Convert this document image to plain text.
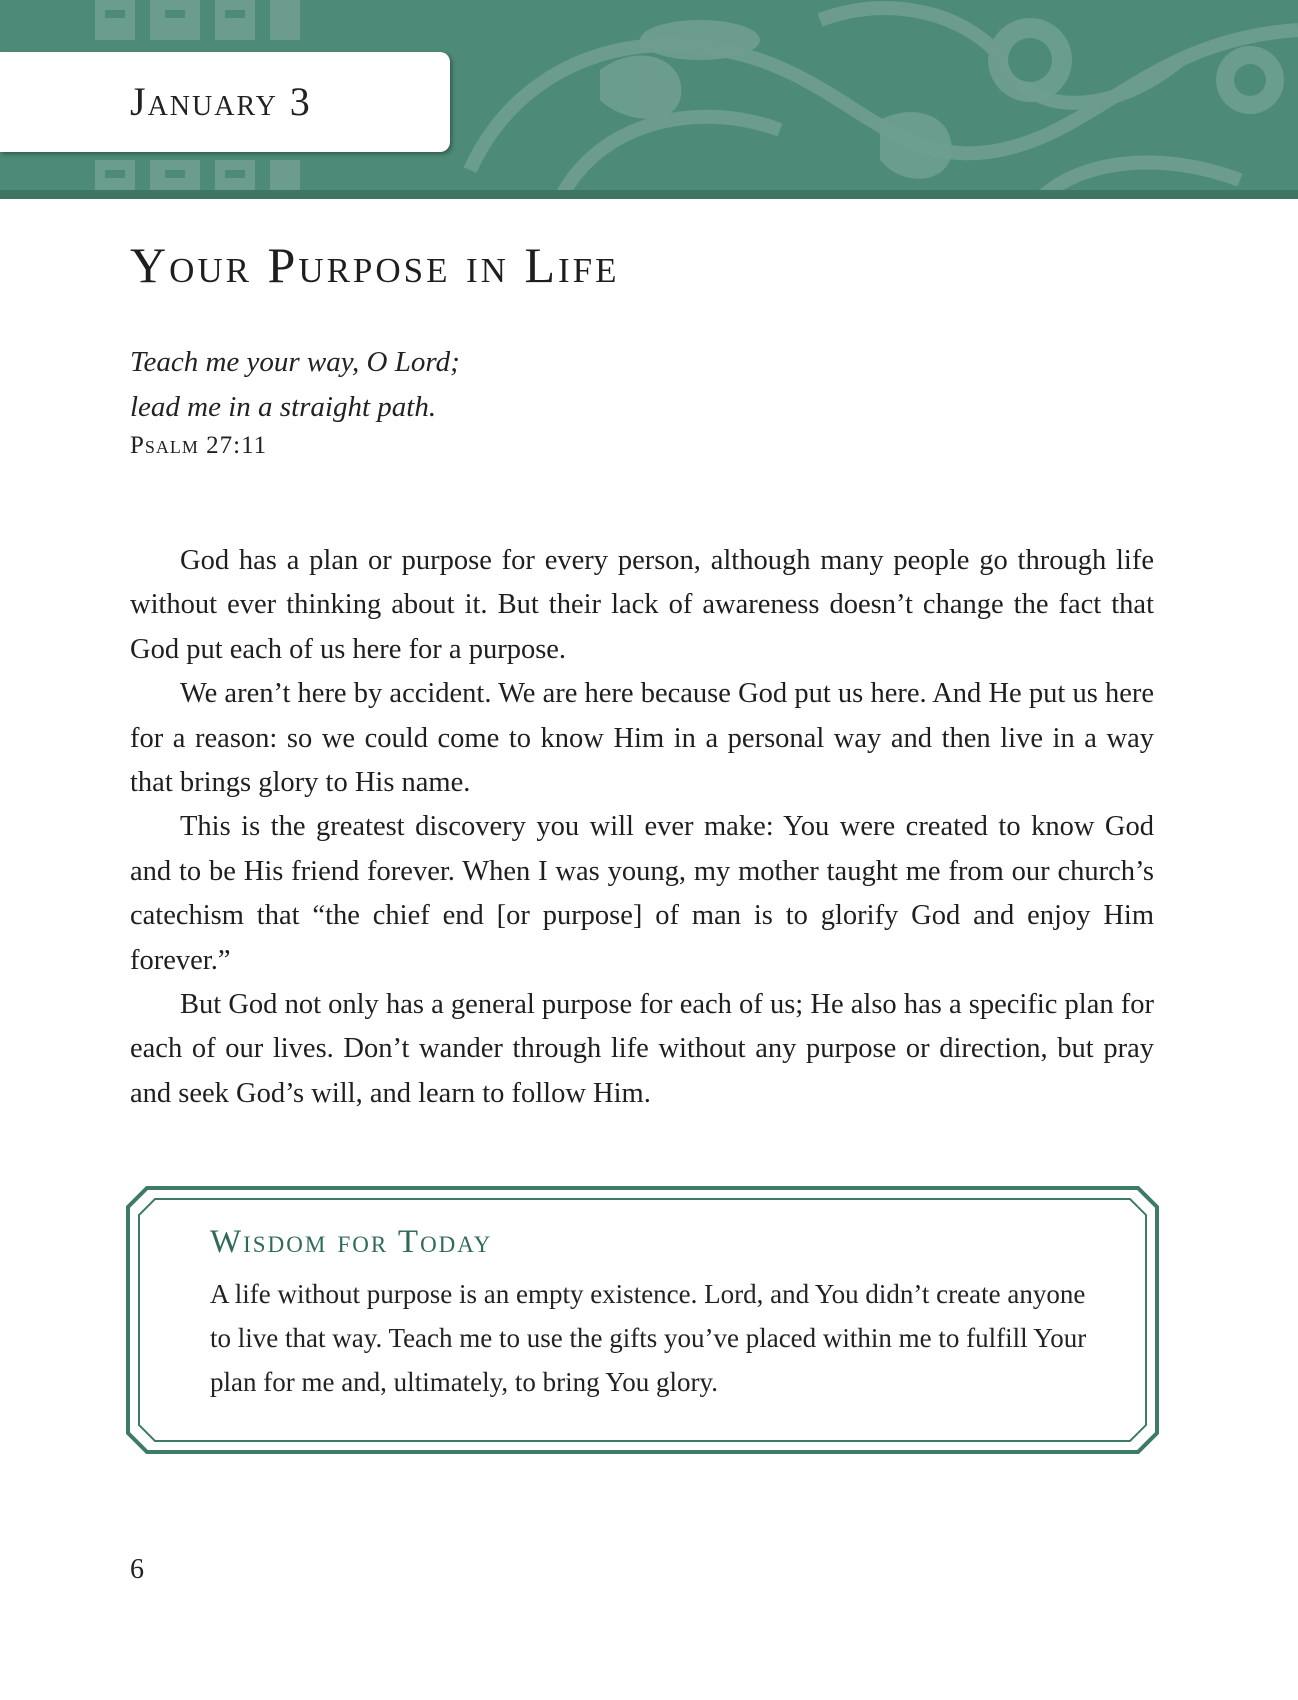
January 3
Your Purpose in Life
Teach me your way, O Lord;
lead me in a straight path.
Psalm 27:11

God has a plan or purpose for every person, although many people go through life without ever thinking about it. But their lack of awareness doesn’t change the fact that God put each of us here for a purpose.

We aren’t here by accident. We are here because God put us here. And He put us here for a reason: so we could come to know Him in a personal way and then live in a way that brings glory to His name.

This is the greatest discovery you will ever make: You were created to know God and to be His friend forever. When I was young, my mother taught me from our church’s catechism that “the chief end [or purpose] of man is to glorify God and enjoy Him forever.”

But God not only has a general purpose for each of us; He also has a specific plan for each of our lives. Don’t wander through life without any purpose or direction, but pray and seek God’s will, and learn to follow Him.

Wisdom for Today
A life without purpose is an empty existence. Lord, and You didn’t create anyone to live that way. Teach me to use the gifts you’ve placed within me to fulfill Your plan for me and, ultimately, to bring You glory.
6
